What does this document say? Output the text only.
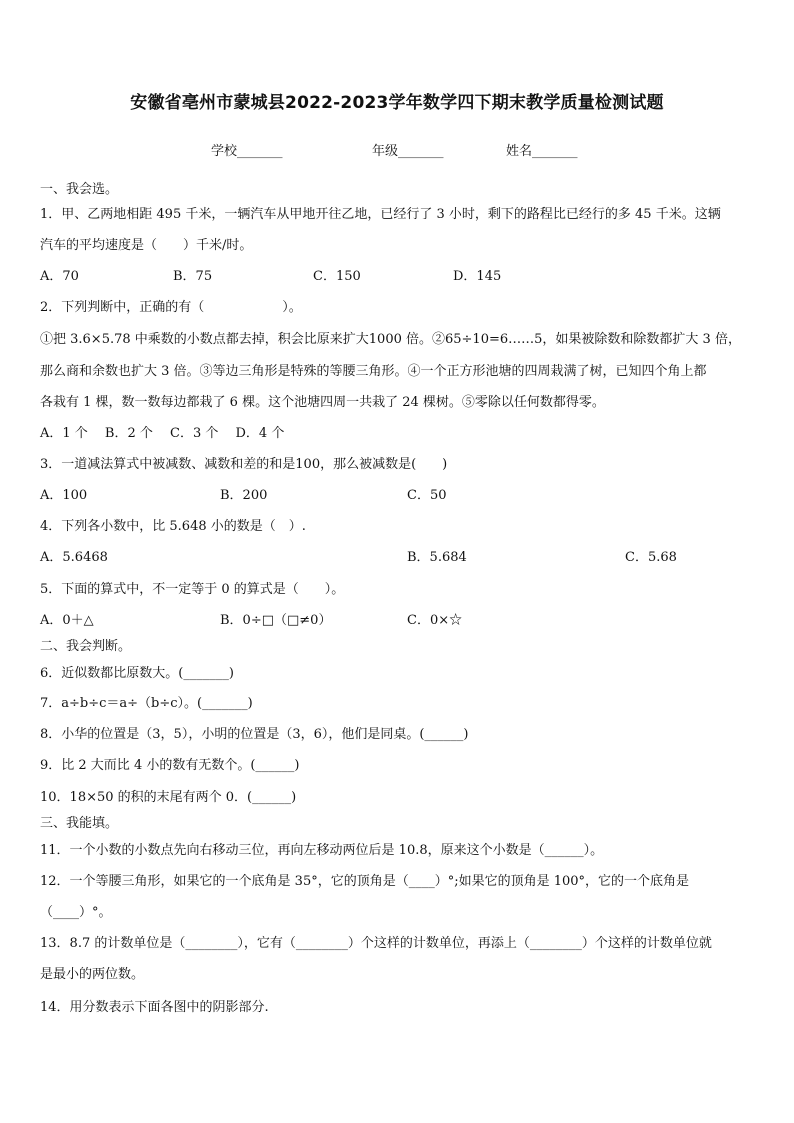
安徽省亳州市蒙城县2022-2023学年数学四下期末教学质量检测试题
学校_______	年级_______	姓名_______
一、我会选。
1．甲、乙两地相距 495 千米，一辆汽车从甲地开往乙地，已经行了 3 小时，剩下的路程比已经行的多 45 千米。这辆
汽车的平均速度是（　　）千米/时。
A．70	B．75	C．150	D．145
2．下列判断中，正确的有（　　　　　　）。
①把 3.6×5.78 中乘数的小数点都去掉，积会比原来扩大1000 倍。②65÷10=6……5，如果被除数和除数都扩大 3 倍，
那么商和余数也扩大 3 倍。③等边三角形是特殊的等腰三角形。④一个正方形池塘的四周栽满了树，已知四个角上都
各栽有 1 棵，数一数每边都栽了 6 棵。这个池塘四周一共栽了 24 棵树。⑤零除以任何数都得零。
A．1 个　 B．2 个　 C．3 个　 D．4 个
3．一道减法算式中被减数、减数和差的和是100，那么被减数是(　　)
A．100	B．200	C．50
4．下列各小数中，比 5.648 小的数是（　）.
A．5.6468	B．5.684	C．5.68
5．下面的算式中，不一定等于 0 的算式是（　　）。
A．0＋△	B．0÷□（□≠0）	C．0×☆
二、我会判断。
6．近似数都比原数大。(_______)
7．a÷b÷c＝a÷（b÷c）。(_______)
8．小华的位置是（3，5），小明的位置是（3，6），他们是同桌。(______)
9．比 2 大而比 4 小的数有无数个。(______)
10．18×50 的积的末尾有两个 0．(______)
三、我能填。
11．一个小数的小数点先向右移动三位，再向左移动两位后是 10.8，原来这个小数是（______）。
12．一个等腰三角形，如果它的一个底角是 35°，它的顶角是（____）°;如果它的顶角是 100°，它的一个底角是
（____）°。
13．8.7 的计数单位是（________），它有（________）个这样的计数单位，再添上（________）个这样的计数单位就
是最小的两位数。
14．用分数表示下面各图中的阴影部分.
